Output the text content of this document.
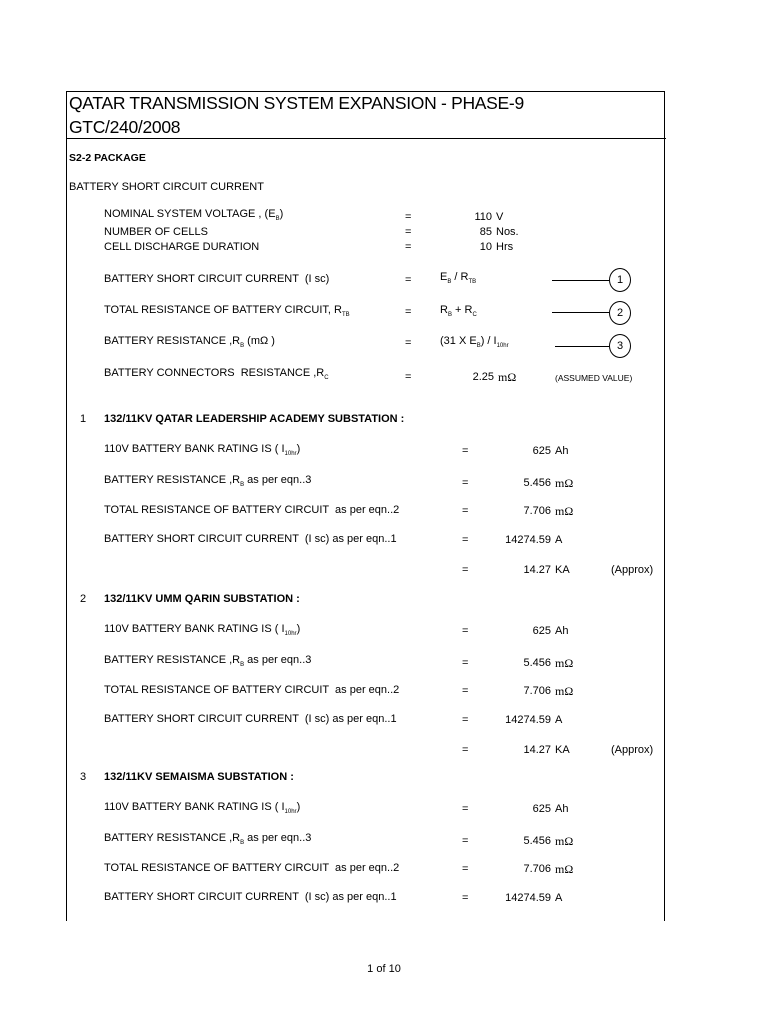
QATAR TRANSMISSION SYSTEM EXPANSION - PHASE-9
GTC/240/2008
S2-2 PACKAGE
BATTERY SHORT CIRCUIT CURRENT
NOMINAL SYSTEM VOLTAGE , $(E_B)$	=	110 V
NUMBER OF CELLS	=	85 Nos.
CELL DISCHARGE DURATION	=	10 Hrs
BATTERY SHORT CIRCUIT CURRENT  (I sc)	=	$E_B / R_{TB}$	1
TOTAL RESISTANCE OF BATTERY CIRCUIT, $R_{TB}$	=	$R_B + R_C$	2
BATTERY RESISTANCE $,R_B$ (mΩ )	=	(31 X $E_B) / I_{10hr}$	3
BATTERY CONNECTORS  RESISTANCE $,R_C$	=	2.25 mΩ	(ASSUMED VALUE)
1 132/11KV QATAR LEADERSHIP ACADEMY SUBSTATION :
110V BATTERY BANK RATING IS ( $I_{10hr}$)	=	625 Ah
BATTERY RESISTANCE $,R_B$ as per eqn..3	=	5.456 mΩ
TOTAL RESISTANCE OF BATTERY CIRCUIT  as per eqn..2	=	7.706 mΩ
BATTERY SHORT CIRCUIT CURRENT  (I sc) as per eqn..1	=	14274.59 A
=	14.27 KA	(Approx)
2 132/11KV UMM QARIN SUBSTATION :
110V BATTERY BANK RATING IS ( $I_{10hr}$)	=	625 Ah
BATTERY RESISTANCE $,R_B$ as per eqn..3	=	5.456 mΩ
TOTAL RESISTANCE OF BATTERY CIRCUIT  as per eqn..2	=	7.706 mΩ
BATTERY SHORT CIRCUIT CURRENT  (I sc) as per eqn..1	=	14274.59 A
=	14.27 KA	(Approx)
3 132/11KV SEMAISMA SUBSTATION :
110V BATTERY BANK RATING IS ( $I_{10hr}$)	=	625 Ah
BATTERY RESISTANCE $,R_B$ as per eqn..3	=	5.456 mΩ
TOTAL RESISTANCE OF BATTERY CIRCUIT  as per eqn..2	=	7.706 mΩ
BATTERY SHORT CIRCUIT CURRENT  (I sc) as per eqn..1	=	14274.59 A
1 of 10
